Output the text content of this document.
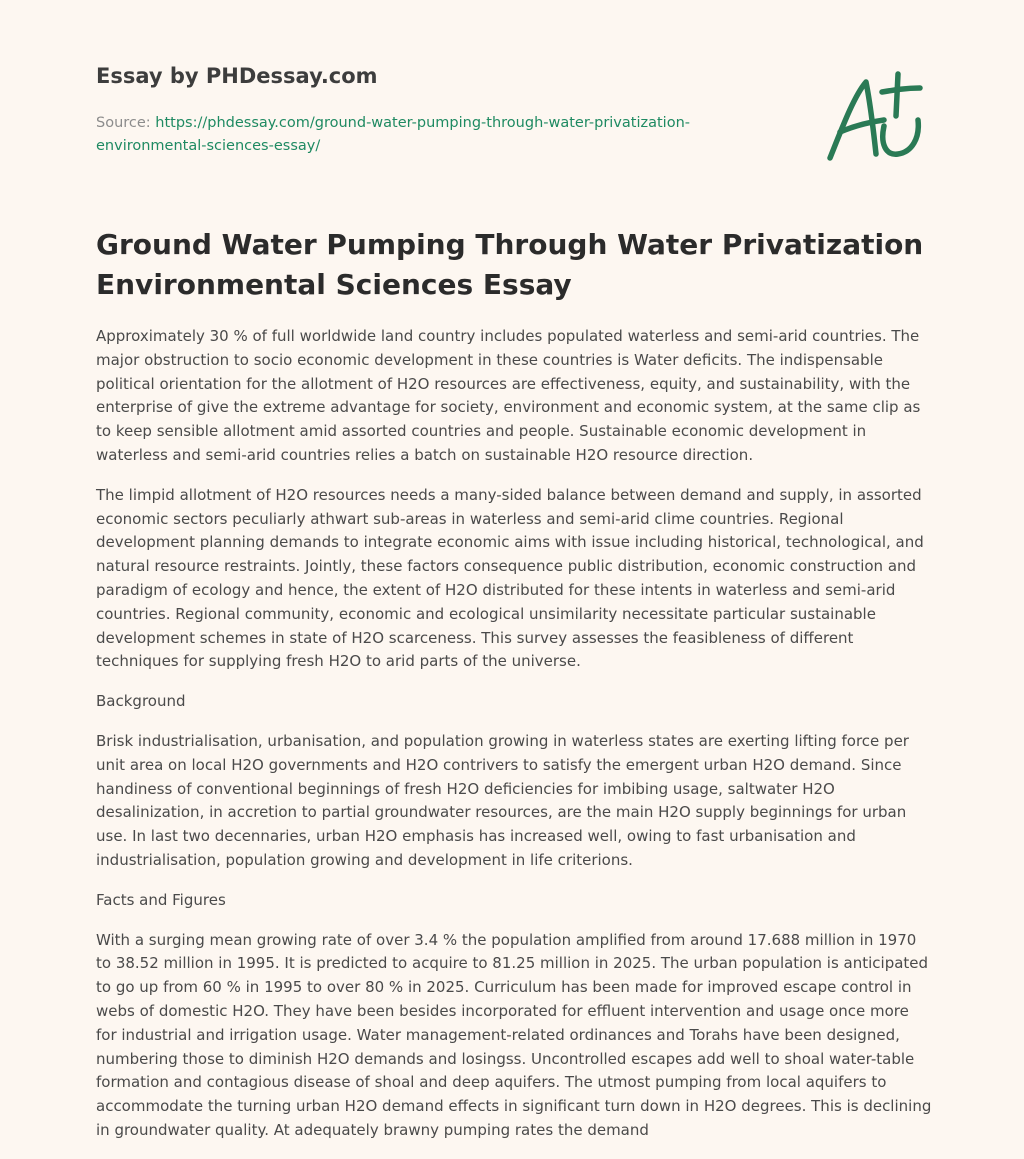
Essay by PHDessay.com
Source: https://phdessay.com/ground-water-pumping-through-water-privatization-environmental-sciences-essay/
Ground Water Pumping Through Water Privatization Environmental Sciences Essay

Approximately 30 % of full worldwide land country includes populated waterless and semi-arid countries. The major obstruction to socio economic development in these countries is Water deficits. The indispensable political orientation for the allotment of H2O resources are effectiveness, equity, and sustainability, with the enterprise of give the extreme advantage for society, environment and economic system, at the same clip as to keep sensible allotment amid assorted countries and people. Sustainable economic development in waterless and semi-arid countries relies a batch on sustainable H2O resource direction.

The limpid allotment of H2O resources needs a many-sided balance between demand and supply, in assorted economic sectors peculiarly athwart sub-areas in waterless and semi-arid clime countries. Regional development planning demands to integrate economic aims with issue including historical, technological, and natural resource restraints. Jointly, these factors consequence public distribution, economic construction and paradigm of ecology and hence, the extent of H2O distributed for these intents in waterless and semi-arid countries. Regional community, economic and ecological unsimilarity necessitate particular sustainable development schemes in state of H2O scarceness. This survey assesses the feasibleness of different techniques for supplying fresh H2O to arid parts of the universe.

Background

Brisk industrialisation, urbanisation, and population growing in waterless states are exerting lifting force per unit area on local H2O governments and H2O contrivers to satisfy the emergent urban H2O demand. Since handiness of conventional beginnings of fresh H2O deficiencies for imbibing usage, saltwater H2O desalinization, in accretion to partial groundwater resources, are the main H2O supply beginnings for urban use. In last two decennaries, urban H2O emphasis has increased well, owing to fast urbanisation and industrialisation, population growing and development in life criterions.

Facts and Figures

With a surging mean growing rate of over 3.4 % the population amplified from around 17.688 million in 1970 to 38.52 million in 1995. It is predicted to acquire to 81.25 million in 2025. The urban population is anticipated to go up from 60 % in 1995 to over 80 % in 2025. Curriculum has been made for improved escape control in webs of domestic H2O. They have been besides incorporated for effluent intervention and usage once more for industrial and irrigation usage. Water management-related ordinances and Torahs have been designed, numbering those to diminish H2O demands and losingss. Uncontrolled escapes add well to shoal water-table formation and contagious disease of shoal and deep aquifers. The utmost pumping from local aquifers to accommodate the turning urban H2O demand effects in significant turn down in H2O degrees. This is declining in groundwater quality. At adequately brawny pumping rates the demand
